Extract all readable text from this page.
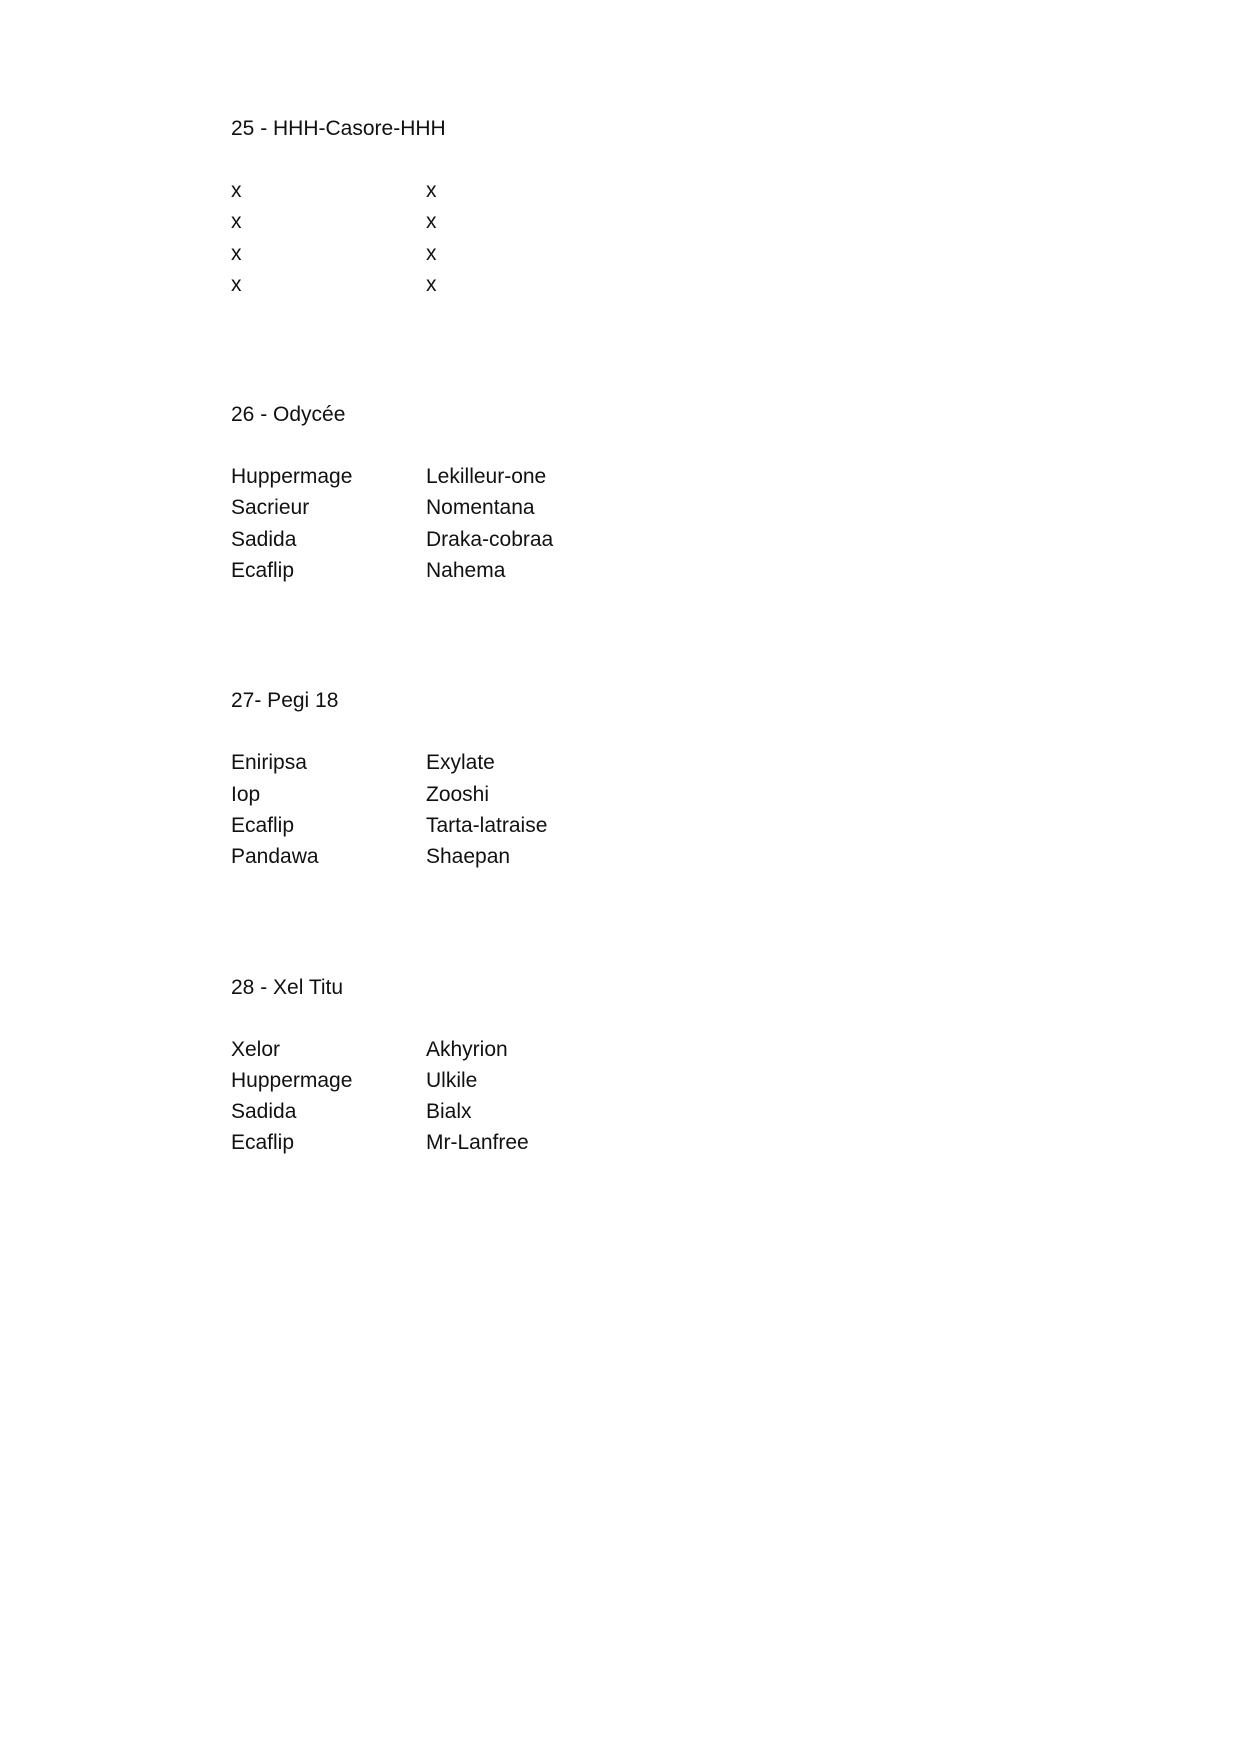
25 - HHH-Casore-HHH
x	x
x	x
x	x
x	x
26 - Odycée
Huppermage	Lekilleur-one
Sacrieur	Nomentana
Sadida	Draka-cobraa
Ecaflip	Nahema
27- Pegi 18
Eniripsa	Exylate
Iop	Zooshi
Ecaflip	Tarta-latraise
Pandawa	Shaepan
28 - Xel Titu
Xelor	Akhyrion
Huppermage	Ulkile
Sadida	Bialx
Ecaflip	Mr-Lanfree
